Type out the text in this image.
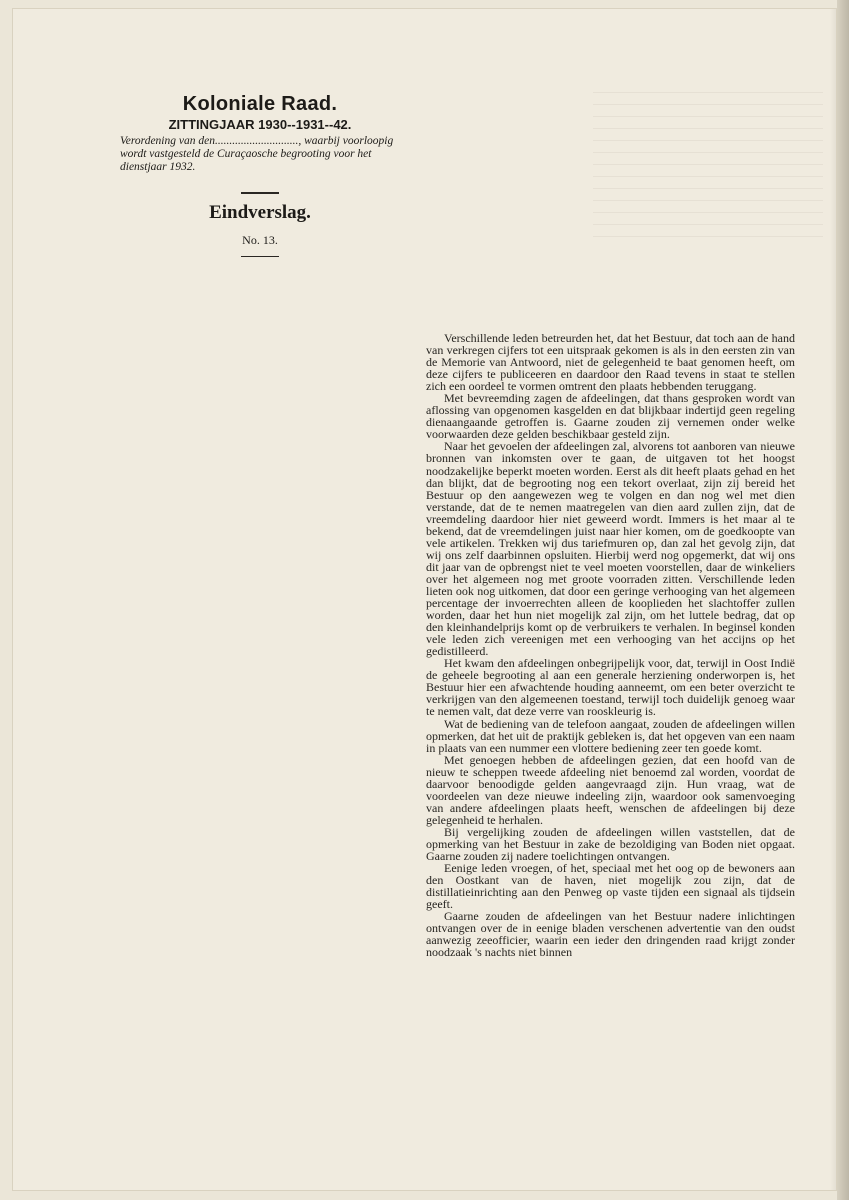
Koloniale Raad.
ZITTINGJAAR 1930--1931--42.
Verordening van den............................., waarbij voorloopig wordt vastgesteld de Curaçaosche begrooting voor het dienstjaar 1932.
Eindverslag.
No. 13.

Verschillende leden betreurden het, dat het Bestuur, dat toch aan de hand van verkregen cijfers tot een uitspraak gekomen is als in den eersten zin van de Memorie van Antwoord, niet de gelegenheid te baat genomen heeft, om deze cijfers te publiceeren en daardoor den Raad tevens in staat te stellen zich een oordeel te vormen omtrent den plaats hebbenden teruggang.

Met bevreemding zagen de afdeelingen, dat thans gesproken wordt van aflossing van opgenomen kasgelden en dat blijkbaar indertijd geen regeling dienaangaande getroffen is. Gaarne zouden zij vernemen onder welke voorwaarden deze gelden beschikbaar gesteld zijn.

Naar het gevoelen der afdeelingen zal, alvorens tot aanboren van nieuwe bronnen van inkomsten over te gaan, de uitgaven tot het hoogst noodzakelijke beperkt moeten worden. Eerst als dit heeft plaats gehad en het dan blijkt, dat de begrooting nog een tekort overlaat, zijn zij bereid het Bestuur op den aangewezen weg te volgen en dan nog wel met dien verstande, dat de te nemen maatregelen van dien aard zullen zijn, dat de vreemdeling daardoor hier niet geweerd wordt. Immers is het maar al te bekend, dat de vreemdelingen juist naar hier komen, om de goedkoopte van vele artikelen. Trekken wij dus tariefmuren op, dan zal het gevolg zijn, dat wij ons zelf daarbinnen opsluiten. Hierbij werd nog opgemerkt, dat wij ons dit jaar van de opbrengst niet te veel moeten voorstellen, daar de winkeliers over het algemeen nog met groote voorraden zitten. Verschillende leden lieten ook nog uitkomen, dat door een geringe verhooging van het algemeen percentage der invoerrechten alleen de kooplieden het slachtoffer zullen worden, daar het hun niet mogelijk zal zijn, om het luttele bedrag, dat op den kleinhandelprijs komt op de verbruikers te verhalen. In beginsel konden vele leden zich vereenigen met een verhooging van het accijns op het gedistilleerd.

Het kwam den afdeelingen onbegrijpelijk voor, dat, terwijl in Oost Indië de geheele begrooting al aan een generale herziening onderworpen is, het Bestuur hier een afwachtende houding aanneemt, om een beter overzicht te verkrijgen van den algemeenen toestand, terwijl toch duidelijk genoeg waar te nemen valt, dat deze verre van rooskleurig is.

Wat de bediening van de telefoon aangaat, zouden de afdeelingen willen opmerken, dat het uit de praktijk gebleken is, dat het opgeven van een naam in plaats van een nummer een vlottere bediening zeer ten goede komt.

Met genoegen hebben de afdeelingen gezien, dat een hoofd van de nieuw te scheppen tweede afdeeling niet benoemd zal worden, voordat de daarvoor benoodigde gelden aangevraagd zijn. Hun vraag, wat de voordeelen van deze nieuwe indeeling zijn, waardoor ook samenvoeging van andere afdeelingen plaats heeft, wenschen de afdeelingen bij deze gelegenheid te herhalen.

Bij vergelijking zouden de afdeelingen willen vaststellen, dat de opmerking van het Bestuur in zake de bezoldiging van Boden niet opgaat. Gaarne zouden zij nadere toelichtingen ontvangen.

Eenige leden vroegen, of het, speciaal met het oog op de bewoners aan den Oostkant van de haven, niet mogelijk zou zijn, dat de distillatieinrichting aan den Penweg op vaste tijden een signaal als tijdsein geeft.

Gaarne zouden de afdeelingen van het Bestuur nadere inlichtingen ontvangen over de in eenige bladen verschenen advertentie van den oudst aanwezig zeeofficier, waarin een ieder den dringenden raad krijgt zonder noodzaak 's nachts niet binnen
